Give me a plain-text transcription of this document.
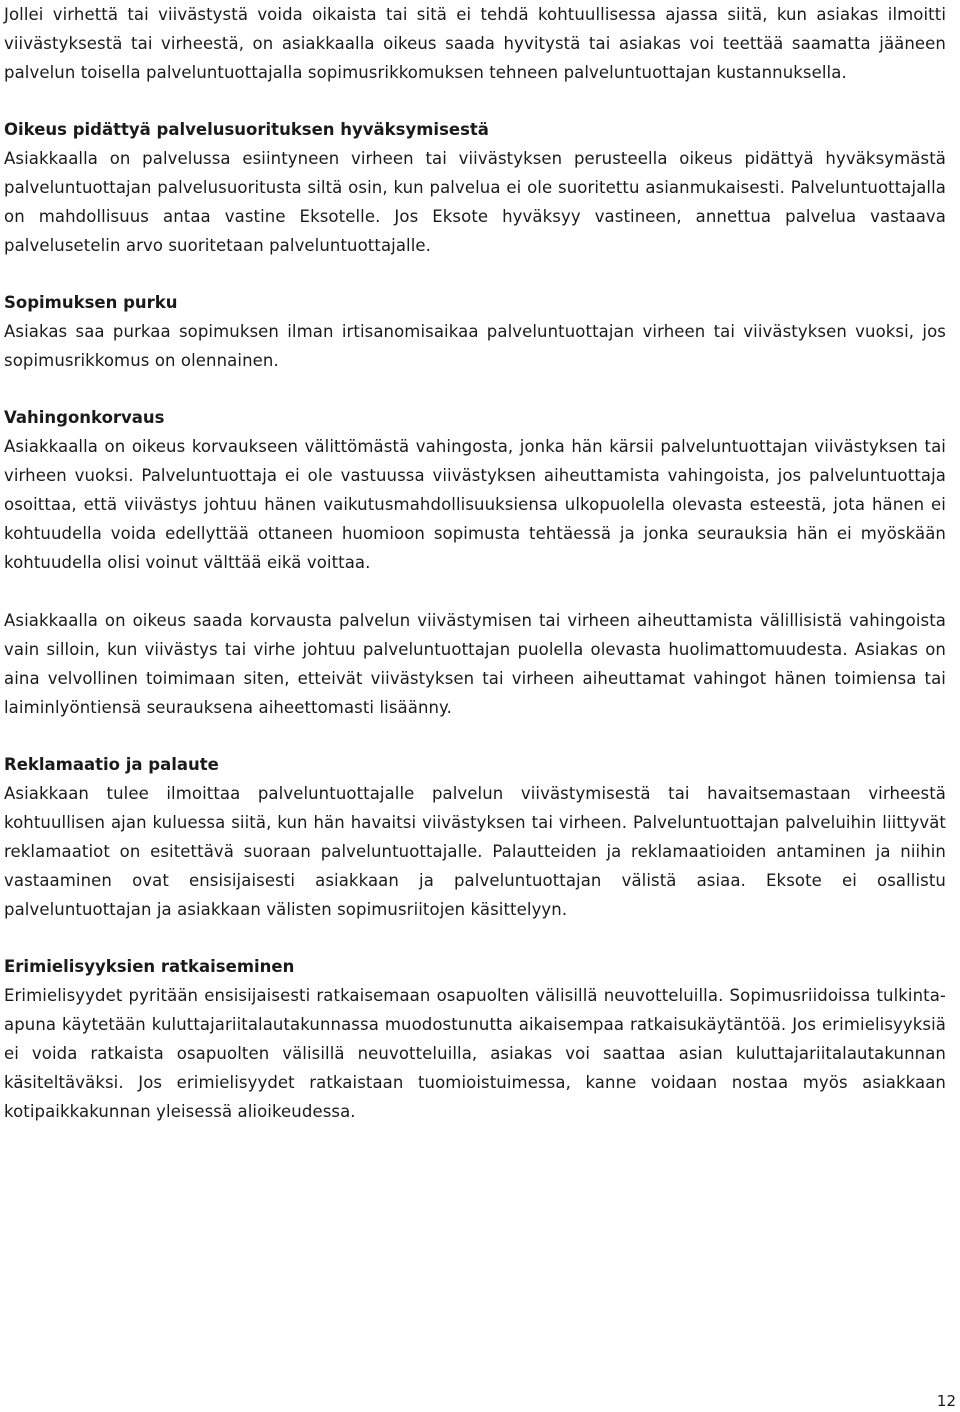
Jollei virhettä tai viivästystä voida oikaista tai sitä ei tehdä kohtuullisessa ajassa siitä, kun asiakas ilmoitti viivästyksestä tai virheestä, on asiakkaalla oikeus saada hyvitystä tai asiakas voi teettää saamatta jääneen palvelun toisella palveluntuottajalla sopimusrikkomuksen tehneen palveluntuottajan kustannuksella.

Oikeus pidättyä palvelusuorituksen hyväksymisestä

Asiakkaalla on palvelussa esiintyneen virheen tai viivästyksen perusteella oikeus pidättyä hyväksymästä palveluntuottajan palvelusuoritusta siltä osin, kun palvelua ei ole suoritettu asianmukaisesti. Palveluntuottajalla on mahdollisuus antaa vastine Eksotelle. Jos Eksote hyväksyy vastineen, annettua palvelua vastaava palvelusetelin arvo suoritetaan palveluntuottajalle.

Sopimuksen purku

Asiakas saa purkaa sopimuksen ilman irtisanomisaikaa palveluntuottajan virheen tai viivästyksen vuoksi, jos sopimusrikkomus on olennainen.

Vahingonkorvaus

Asiakkaalla on oikeus korvaukseen välittömästä vahingosta, jonka hän kärsii palveluntuottajan viivästyksen tai virheen vuoksi. Palveluntuottaja ei ole vastuussa viivästyksen aiheuttamista vahingoista, jos palveluntuottaja osoittaa, että viivästys johtuu hänen vaikutusmahdollisuuksiensa ulkopuolella olevasta esteestä, jota hänen ei kohtuudella voida edellyttää ottaneen huomioon sopimusta tehtäessä ja jonka seurauksia hän ei myöskään kohtuudella olisi voinut välttää eikä voittaa.

Asiakkaalla on oikeus saada korvausta palvelun viivästymisen tai virheen aiheuttamista välillisistä vahingoista vain silloin, kun viivästys tai virhe johtuu palveluntuottajan puolella olevasta huolimattomuudesta. Asiakas on aina velvollinen toimimaan siten, etteivät viivästyksen tai virheen aiheuttamat vahingot hänen toimiensa tai laiminlyöntiensä seurauksena aiheettomasti lisäänny.

Reklamaatio ja palaute

Asiakkaan tulee ilmoittaa palveluntuottajalle palvelun viivästymisestä tai havaitsemastaan virheestä kohtuullisen ajan kuluessa siitä, kun hän havaitsi viivästyksen tai virheen. Palveluntuottajan palveluihin liittyvät reklamaatiot on esitettävä suoraan palveluntuottajalle. Palautteiden ja reklamaatioiden antaminen ja niihin vastaaminen ovat ensisijaisesti asiakkaan ja palveluntuottajan välistä asiaa. Eksote ei osallistu palveluntuottajan ja asiakkaan välisten sopimusriitojen käsittelyyn.

Erimielisyyksien ratkaiseminen

Erimielisyydet pyritään ensisijaisesti ratkaisemaan osapuolten välisillä neuvotteluilla. Sopimusriidoissa tulkinta-apuna käytetään kuluttajariitalautakunnassa muodostunutta aikaisempaa ratkaisukäytäntöä. Jos erimielisyyksiä ei voida ratkaista osapuolten välisillä neuvotteluilla, asiakas voi saattaa asian kuluttajariitalautakunnan käsiteltäväksi. Jos erimielisyydet ratkaistaan tuomioistuimessa, kanne voidaan nostaa myös asiakkaan kotipaikkakunnan yleisessä alioikeudessa.

12
